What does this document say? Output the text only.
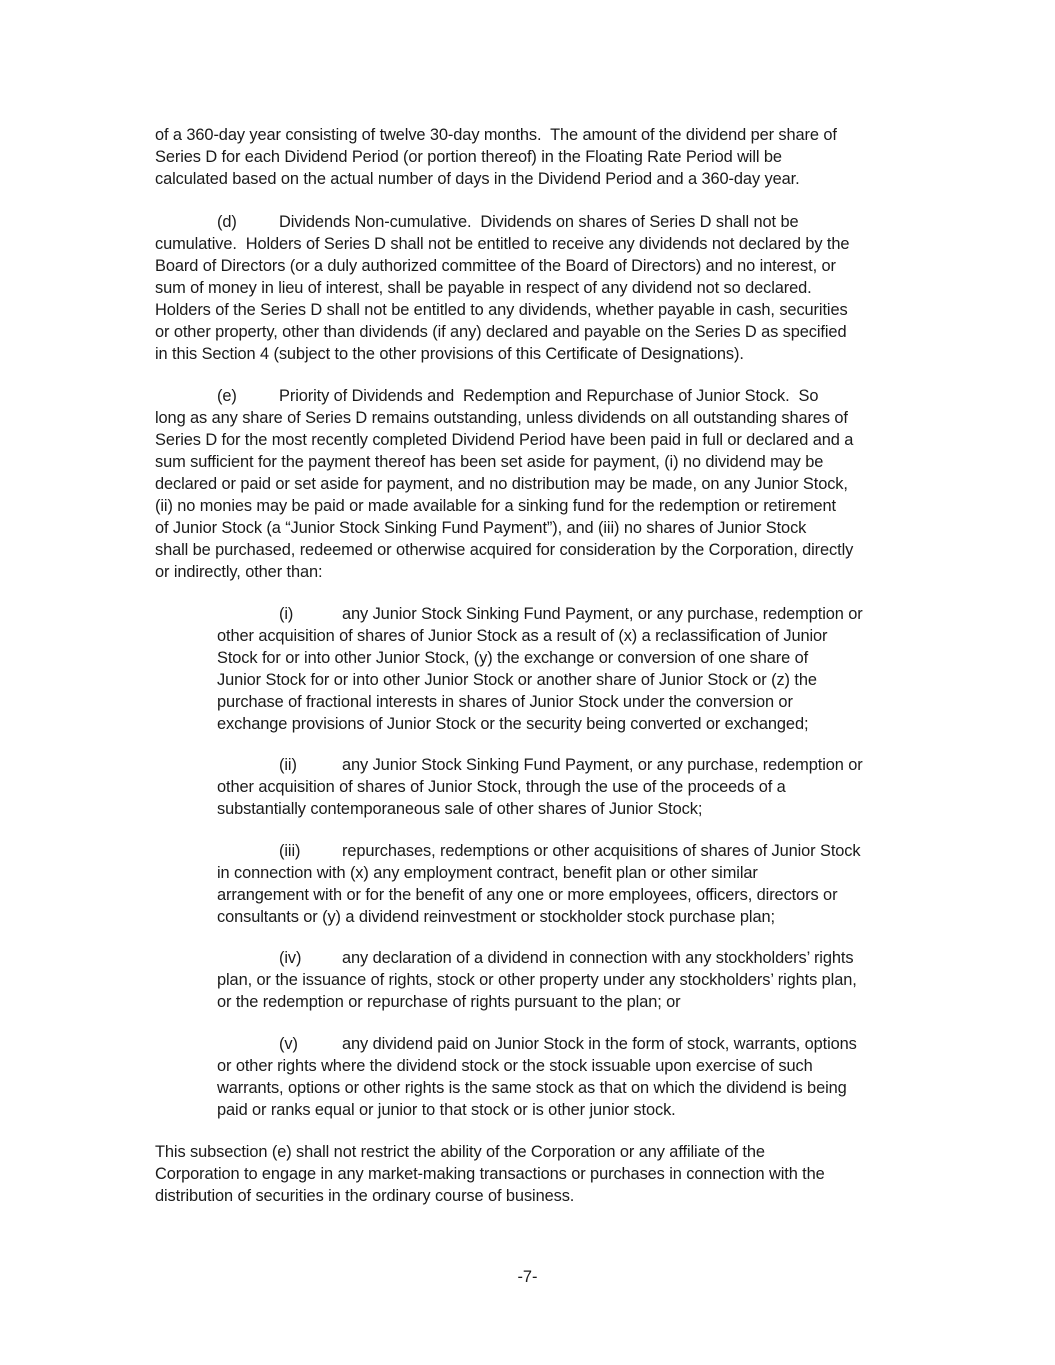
of a 360-day year consisting of twelve 30-day months.  The amount of the dividend per share of
Series D for each Dividend Period (or portion thereof) in the Floating Rate Period will be
calculated based on the actual number of days in the Dividend Period and a 360-day year.
(d)	Dividends Non-cumulative.  Dividends on shares of Series D shall not be
cumulative.  Holders of Series D shall not be entitled to receive any dividends not declared by the
Board of Directors (or a duly authorized committee of the Board of Directors) and no interest, or
sum of money in lieu of interest, shall be payable in respect of any dividend not so declared.
Holders of the Series D shall not be entitled to any dividends, whether payable in cash, securities
or other property, other than dividends (if any) declared and payable on the Series D as specified
in this Section 4 (subject to the other provisions of this Certificate of Designations).
(e)	Priority of Dividends and  Redemption and Repurchase of Junior Stock.  So
long as any share of Series D remains outstanding, unless dividends on all outstanding shares of
Series D for the most recently completed Dividend Period have been paid in full or declared and a
sum sufficient for the payment thereof has been set aside for payment, (i) no dividend may be
declared or paid or set aside for payment, and no distribution may be made, on any Junior Stock,
(ii) no monies may be paid or made available for a sinking fund for the redemption or retirement
of Junior Stock (a “Junior Stock Sinking Fund Payment”), and (iii) no shares of Junior Stock
shall be purchased, redeemed or otherwise acquired for consideration by the Corporation, directly
or indirectly, other than:
(i)	any Junior Stock Sinking Fund Payment, or any purchase, redemption or
other acquisition of shares of Junior Stock as a result of (x) a reclassification of Junior
Stock for or into other Junior Stock, (y) the exchange or conversion of one share of
Junior Stock for or into other Junior Stock or another share of Junior Stock or (z) the
purchase of fractional interests in shares of Junior Stock under the conversion or
exchange provisions of Junior Stock or the security being converted or exchanged;
(ii)	any Junior Stock Sinking Fund Payment, or any purchase, redemption or
other acquisition of shares of Junior Stock, through the use of the proceeds of a
substantially contemporaneous sale of other shares of Junior Stock;
(iii)	repurchases, redemptions or other acquisitions of shares of Junior Stock
in connection with (x) any employment contract, benefit plan or other similar
arrangement with or for the benefit of any one or more employees, officers, directors or
consultants or (y) a dividend reinvestment or stockholder stock purchase plan;
(iv) any declaration of a dividend in connection with any stockholders’ rights
plan, or the issuance of rights, stock or other property under any stockholders’ rights plan,
or the redemption or repurchase of rights pursuant to the plan; or
(v)	any dividend paid on Junior Stock in the form of stock, warrants, options
or other rights where the dividend stock or the stock issuable upon exercise of such
warrants, options or other rights is the same stock as that on which the dividend is being
paid or ranks equal or junior to that stock or is other junior stock.
This subsection (e) shall not restrict the ability of the Corporation or any affiliate of the
Corporation to engage in any market-making transactions or purchases in connection with the
distribution of securities in the ordinary course of business.
-7-
